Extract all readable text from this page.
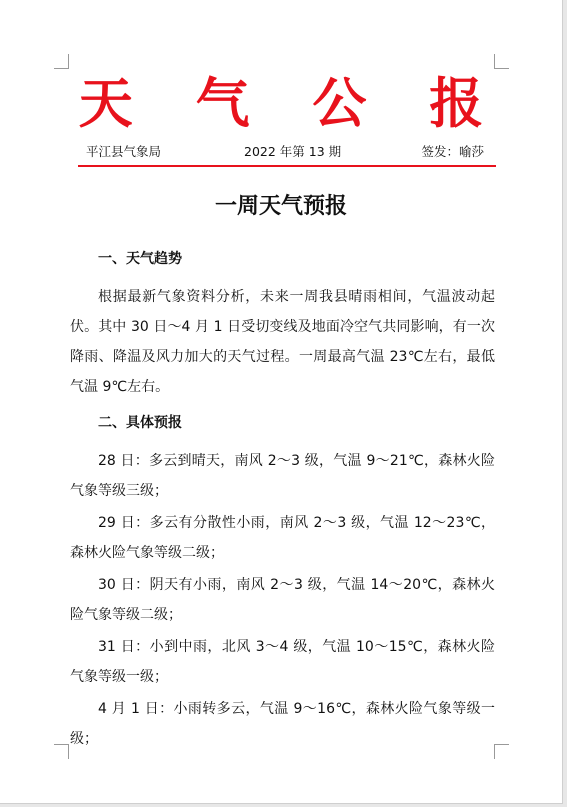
天 气 公 报
平江县气象局	2022 年第 13 期	签发：喻莎
一周天气预报

一、天气趋势

根据最新气象资料分析，未来一周我县晴雨相间，气温波动起伏。其中 30 日～4 月 1 日受切变线及地面冷空气共同影响，有一次降雨、降温及风力加大的天气过程。一周最高气温 23℃左右，最低气温 9℃左右。

二、具体预报

28 日：多云到晴天，南风 2～3 级，气温 9～21℃，森林火险气象等级三级；

29 日：多云有分散性小雨，南风 2～3 级，气温 12～23℃，森林火险气象等级二级；

30 日：阴天有小雨，南风 2～3 级，气温 14～20℃，森林火险气象等级二级；

31 日：小到中雨，北风 3～4 级，气温 10～15℃，森林火险气象等级一级；

4 月 1 日：小雨转多云，气温 9～16℃，森林火险气象等级一级；
